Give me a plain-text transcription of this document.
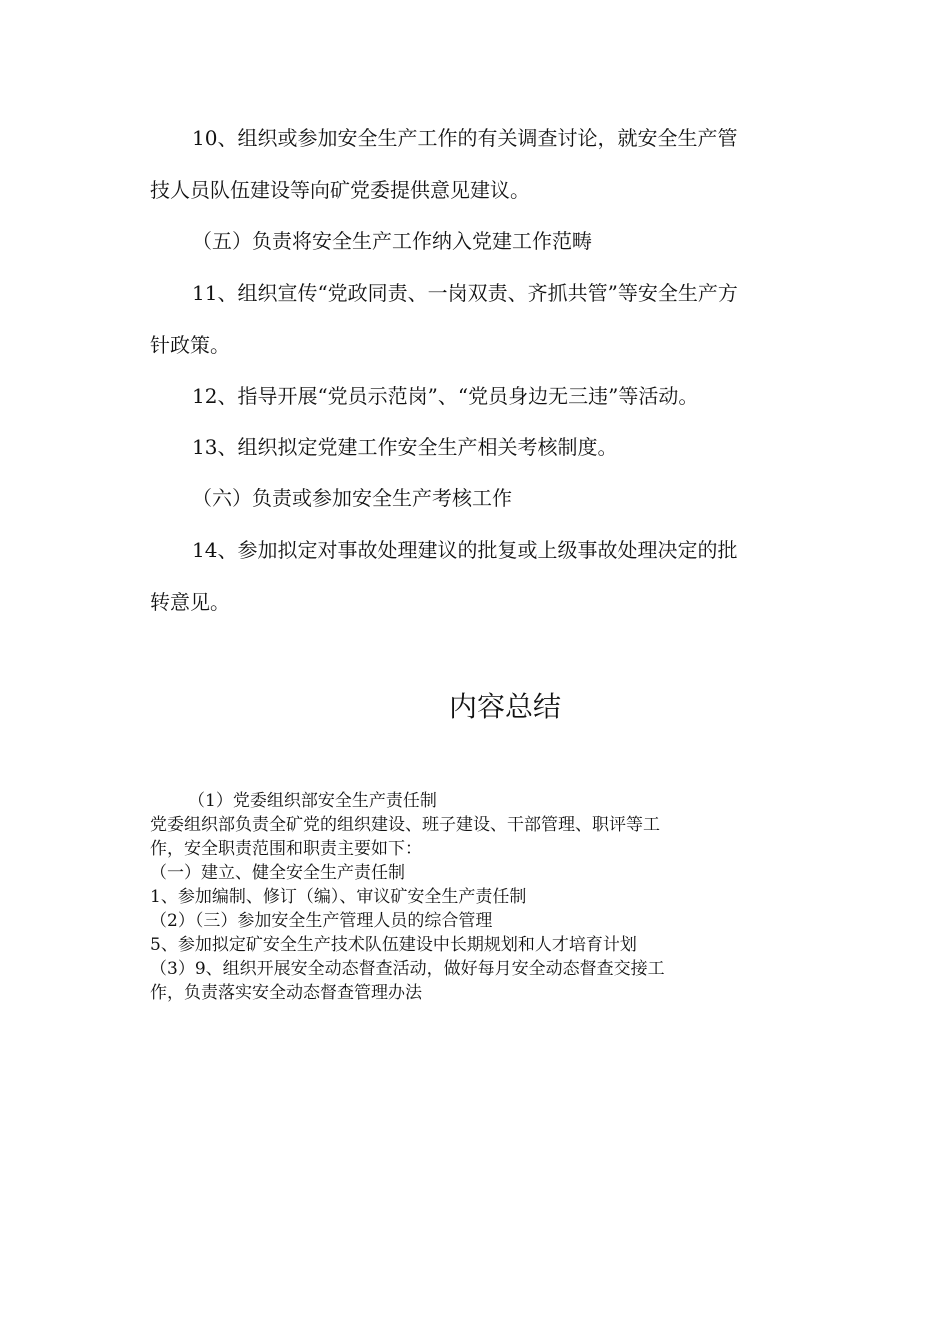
10、组织或参加安全生产工作的有关调查讨论，就安全生产管
技人员队伍建设等向矿党委提供意见建议。
（五）负责将安全生产工作纳入党建工作范畴
11、组织宣传“党政同责、一岗双责、齐抓共管”等安全生产方
针政策。
12、指导开展“党员示范岗”、“党员身边无三违”等活动。
13、组织拟定党建工作安全生产相关考核制度。
（六）负责或参加安全生产考核工作
14、参加拟定对事故处理建议的批复或上级事故处理决定的批
转意见。
内容总结
（1）党委组织部安全生产责任制
党委组织部负责全矿党的组织建设、班子建设、干部管理、职评等工
作，安全职责范围和职责主要如下：
（一）建立、健全安全生产责任制
1、参加编制、修订（编）、审议矿安全生产责任制
（2）（三）参加安全生产管理人员的综合管理
5、参加拟定矿安全生产技术队伍建设中长期规划和人才培育计划
（3）9、组织开展安全动态督查活动，做好每月安全动态督查交接工
作，负责落实安全动态督查管理办法
